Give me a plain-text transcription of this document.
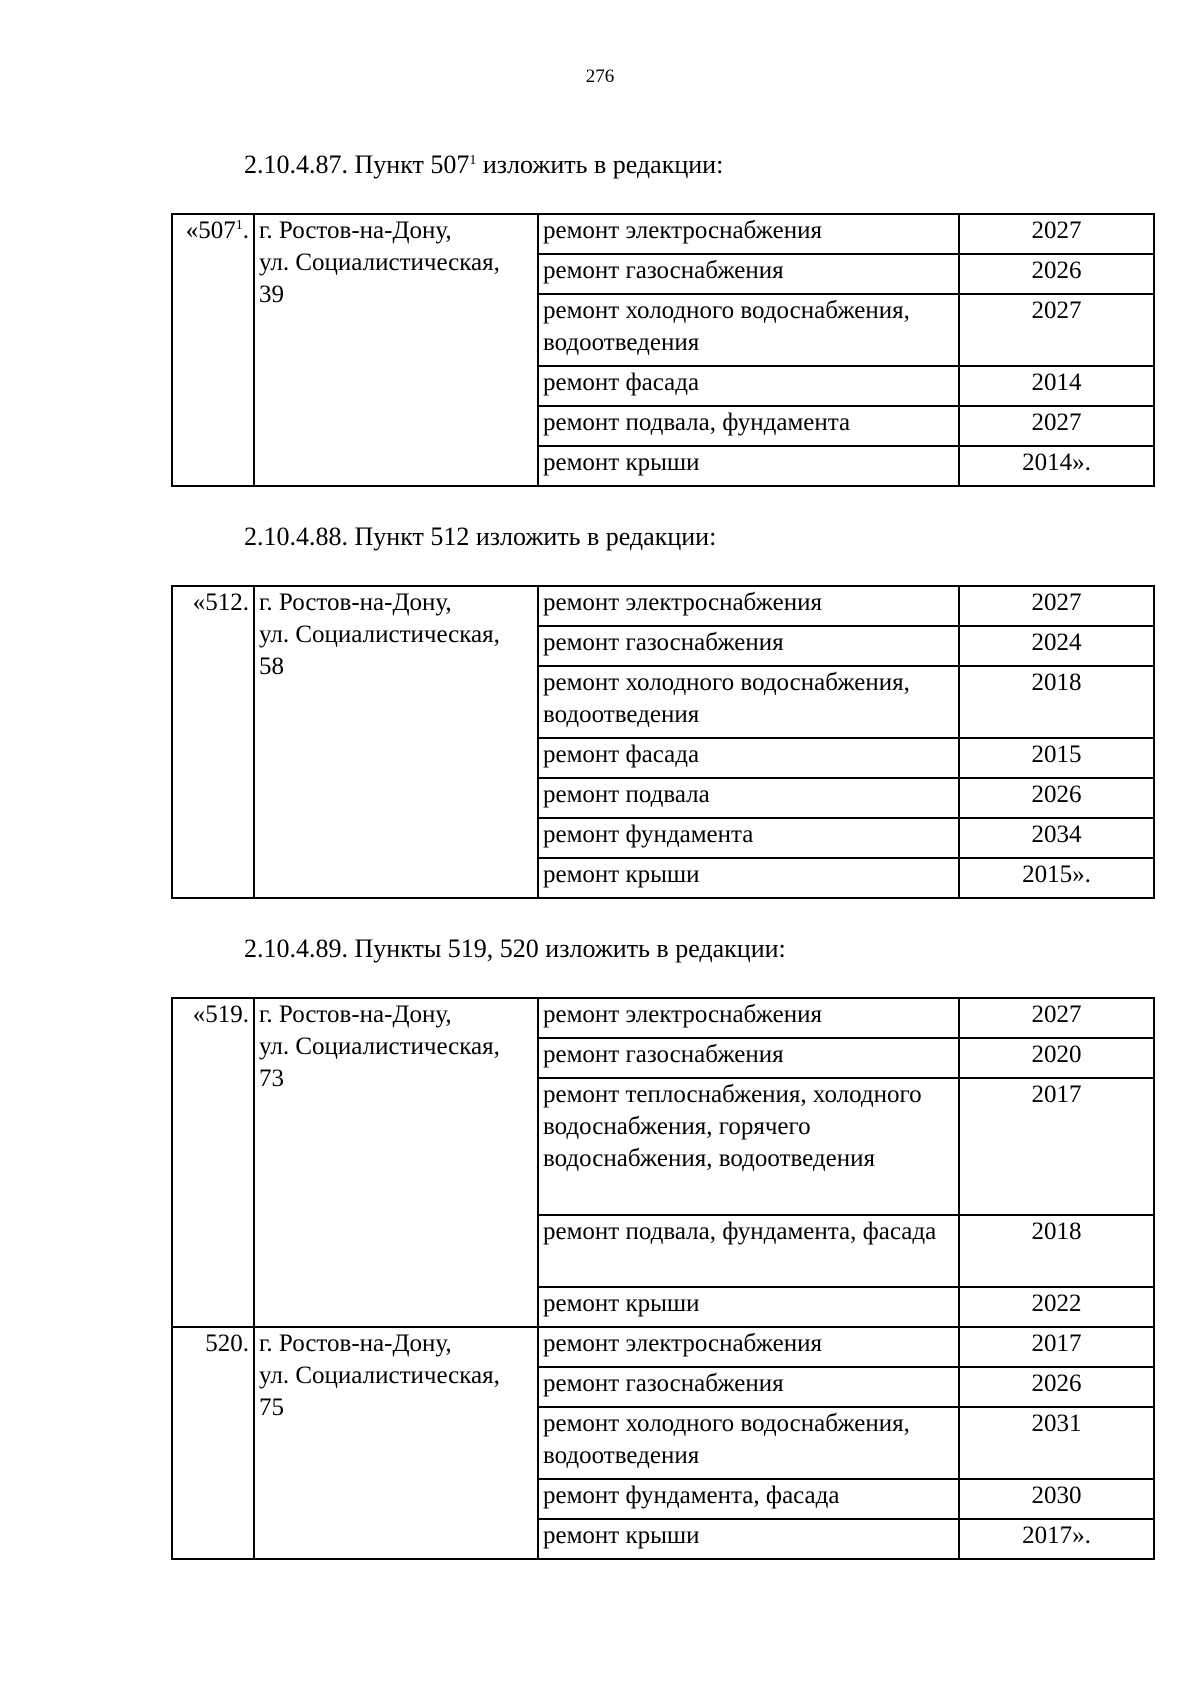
276
2.10.4.87. Пункт $507^1$ изложить в редакции:
«$507^1$.	г. Ростов-на-Дону,
ул. Социалистическая,
39	ремонт электроснабжения	2027
		ремонт газоснабжения	2026
		ремонт холодного водоснабжения, водоотведения	2027
		ремонт фасада	2014
		ремонт подвала, фундамента	2027
		ремонт крыши	2014».
2.10.4.88. Пункт 512 изложить в редакции:
«512.	г. Ростов-на-Дону,
ул. Социалистическая,
58	ремонт электроснабжения	2027
		ремонт газоснабжения	2024
		ремонт холодного водоснабжения, водоотведения	2018
		ремонт фасада	2015
		ремонт подвала	2026
		ремонт фундамента	2034
		ремонт крыши	2015».
2.10.4.89. Пункты 519, 520 изложить в редакции:
«519.	г. Ростов-на-Дону,
ул. Социалистическая,
73	ремонт электроснабжения	2027
		ремонт газоснабжения	2020
		ремонт теплоснабжения, холодного водоснабжения, горячего водоснабжения, водоотведения	2017
		ремонт подвала, фундамента, фасада	2018
		ремонт крыши	2022
520.	г. Ростов-на-Дону,
ул. Социалистическая,
75	ремонт электроснабжения	2017
		ремонт газоснабжения	2026
		ремонт холодного водоснабжения, водоотведения	2031
		ремонт фундамента, фасада	2030
		ремонт крыши	2017».
